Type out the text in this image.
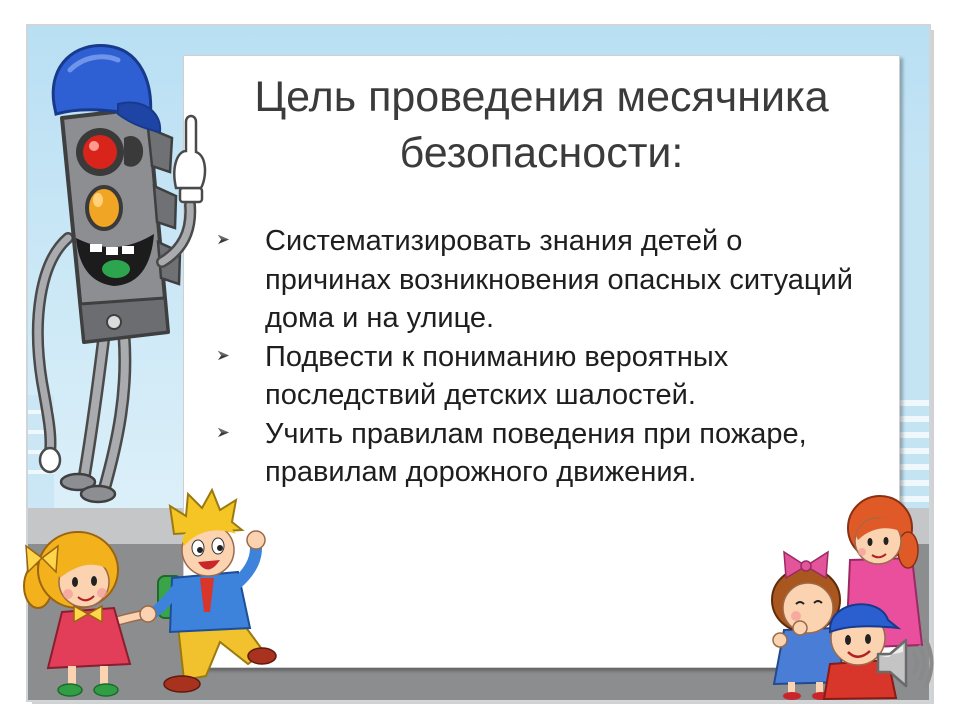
Цель проведения месячника
безопасности:
Систематизировать знания детей о
причинах возникновения опасных ситуаций
дома и на улице.
Подвести к пониманию вероятных
последствий детских шалостей.
Учить правилам поведения при пожаре,
правилам дорожного движения.
